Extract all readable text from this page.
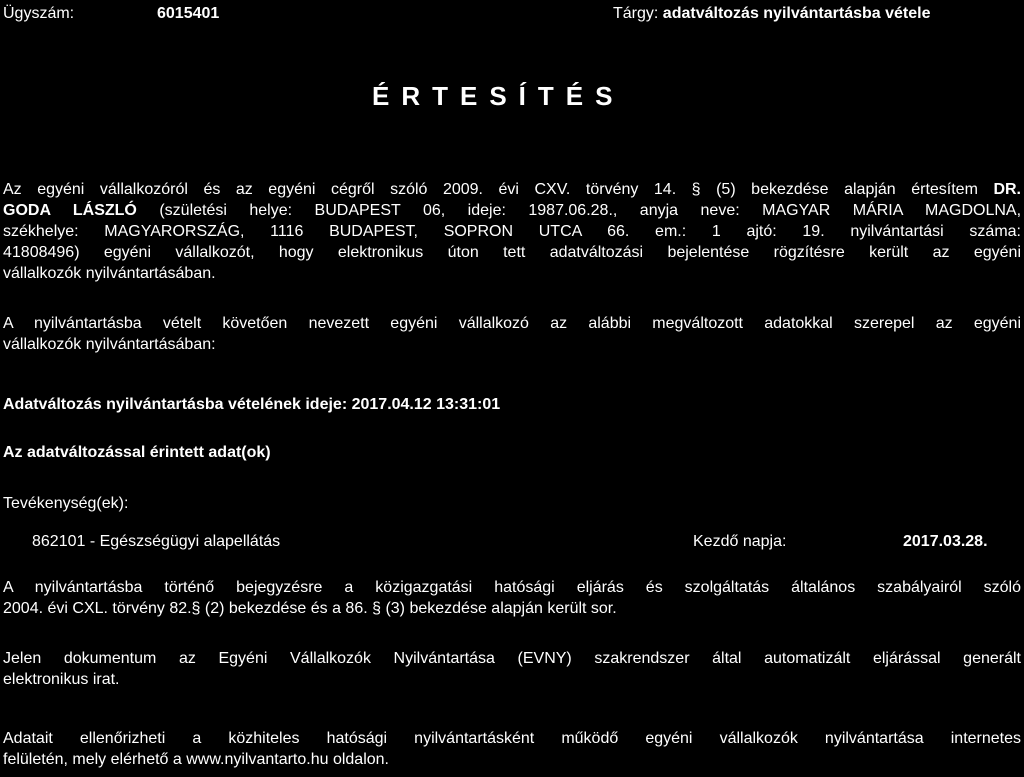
Ügyszám:	6015401	Tárgy: adatváltozás nyilvántartásba vétele
ÉRTESÍTÉS
Az egyéni vállalkozóról és az egyéni cégről szóló 2009. évi CXV. törvény 14. § (5) bekezdése alapján értesítem DR.
GODA LÁSZLÓ (születési helye: BUDAPEST 06, ideje: 1987.06.28., anyja neve: MAGYAR MÁRIA MAGDOLNA,
székhelye: MAGYARORSZÁG, 1116 BUDAPEST, SOPRON UTCA 66. em.: 1 ajtó: 19. nyilvántartási száma:
41808496) egyéni vállalkozót, hogy elektronikus úton tett adatváltozási bejelentése rögzítésre került az egyéni
vállalkozók nyilvántartásában.
A nyilvántartásba vételt követően nevezett egyéni vállalkozó az alábbi megváltozott adatokkal szerepel az egyéni
vállalkozók nyilvántartásában:
Adatváltozás nyilvántartásba vételének ideje: 2017.04.12 13:31:01
Az adatváltozással érintett adat(ok)
Tevékenység(ek):
862101 - Egészségügyi alapellátás	Kezdő napja:	2017.03.28.
A nyilvántartásba történő bejegyzésre a közigazgatási hatósági eljárás és szolgáltatás általános szabályairól szóló
2004. évi CXL. törvény 82.§ (2) bekezdése és a 86. § (3) bekezdése alapján került sor.
Jelen dokumentum az Egyéni Vállalkozók Nyilvántartása (EVNY) szakrendszer által automatizált eljárással generált
elektronikus irat.
Adatait ellenőrizheti a közhiteles hatósági nyilvántartásként működő egyéni vállalkozók nyilvántartása internetes
felületén, mely elérhető a www.nyilvantarto.hu oldalon.
